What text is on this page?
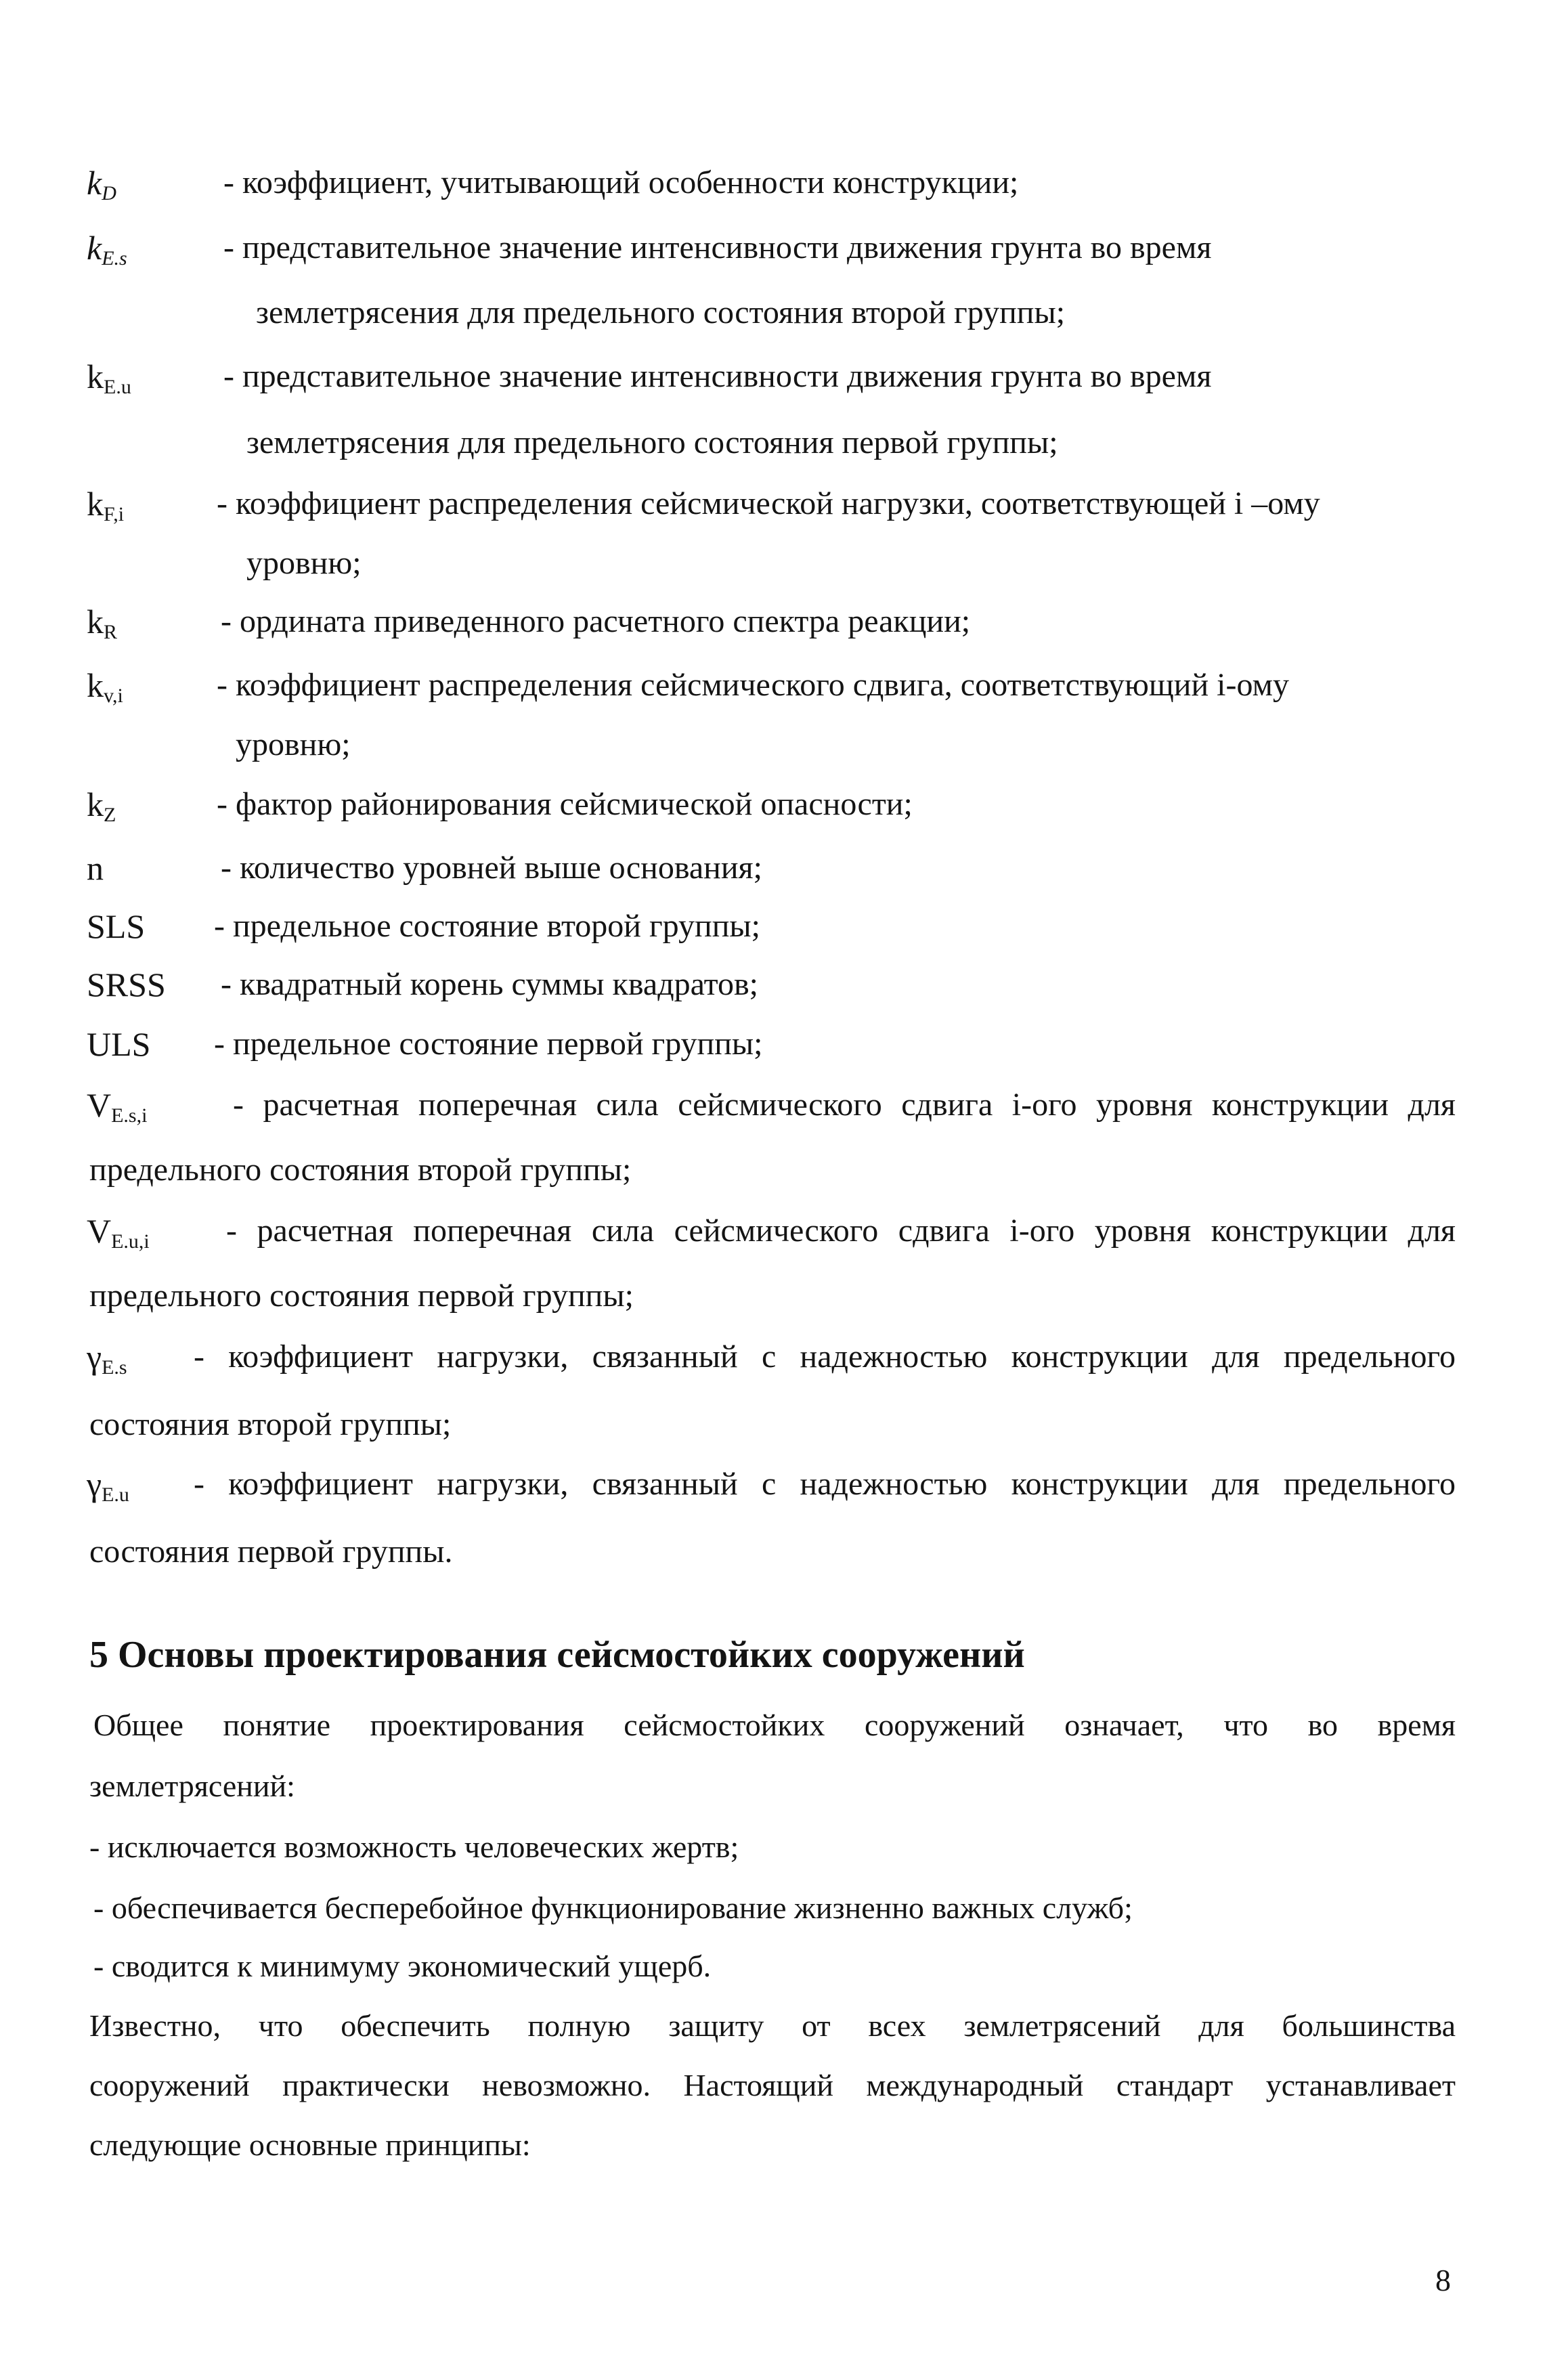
$k_D$	- коэффициент, учитывающий особенности конструкции;
$k_{E.s}$	- представительное значение интенсивности движения грунта во время
землетрясения для предельного состояния второй группы;
$k_{E.u}$	- представительное значение интенсивности движения грунта во время
землетрясения для предельного состояния первой группы;
$k_{F,i}$	- коэффициент распределения сейсмической нагрузки, соответствующей i –ому
уровню;
$k_R$	- ордината приведенного расчетного спектра реакции;
$k_{v,i}$	- коэффициент распределения сейсмического сдвига, соответствующий i-ому
уровню;
$k_Z$	- фактор районирования сейсмической опасности;
n	- количество уровней выше основания;
SLS - предельное состояние второй группы;
SRSS - квадратный корень суммы квадратов;
ULS - предельное состояние первой группы;
$V_{E.s,i}$	- расчетная поперечная сила сейсмического сдвига i-ого уровня конструкции для
предельного состояния второй группы;
$V_{E.u,i}$ - расчетная поперечная сила сейсмического сдвига i-ого уровня конструкции для
предельного состояния первой группы;
$\gamma_{E.s}$ - коэффициент нагрузки, связанный с надежностью конструкции для предельного
состояния второй группы;
$\gamma_{E.u}$ - коэффициент нагрузки, связанный с надежностью конструкции для предельного
состояния первой группы.
5 Основы проектирования сейсмостойких сооружений
Общее понятие проектирования сейсмостойких сооружений означает, что во время
землетрясений:
- исключается возможность человеческих жертв;
- обеспечивается бесперебойное функционирование жизненно важных служб;
- сводится к минимуму экономический ущерб.
Известно, что обеспечить полную защиту от всех землетрясений для большинства
сооружений практически невозможно. Настоящий международный стандарт устанавливает
следующие основные принципы:
8
